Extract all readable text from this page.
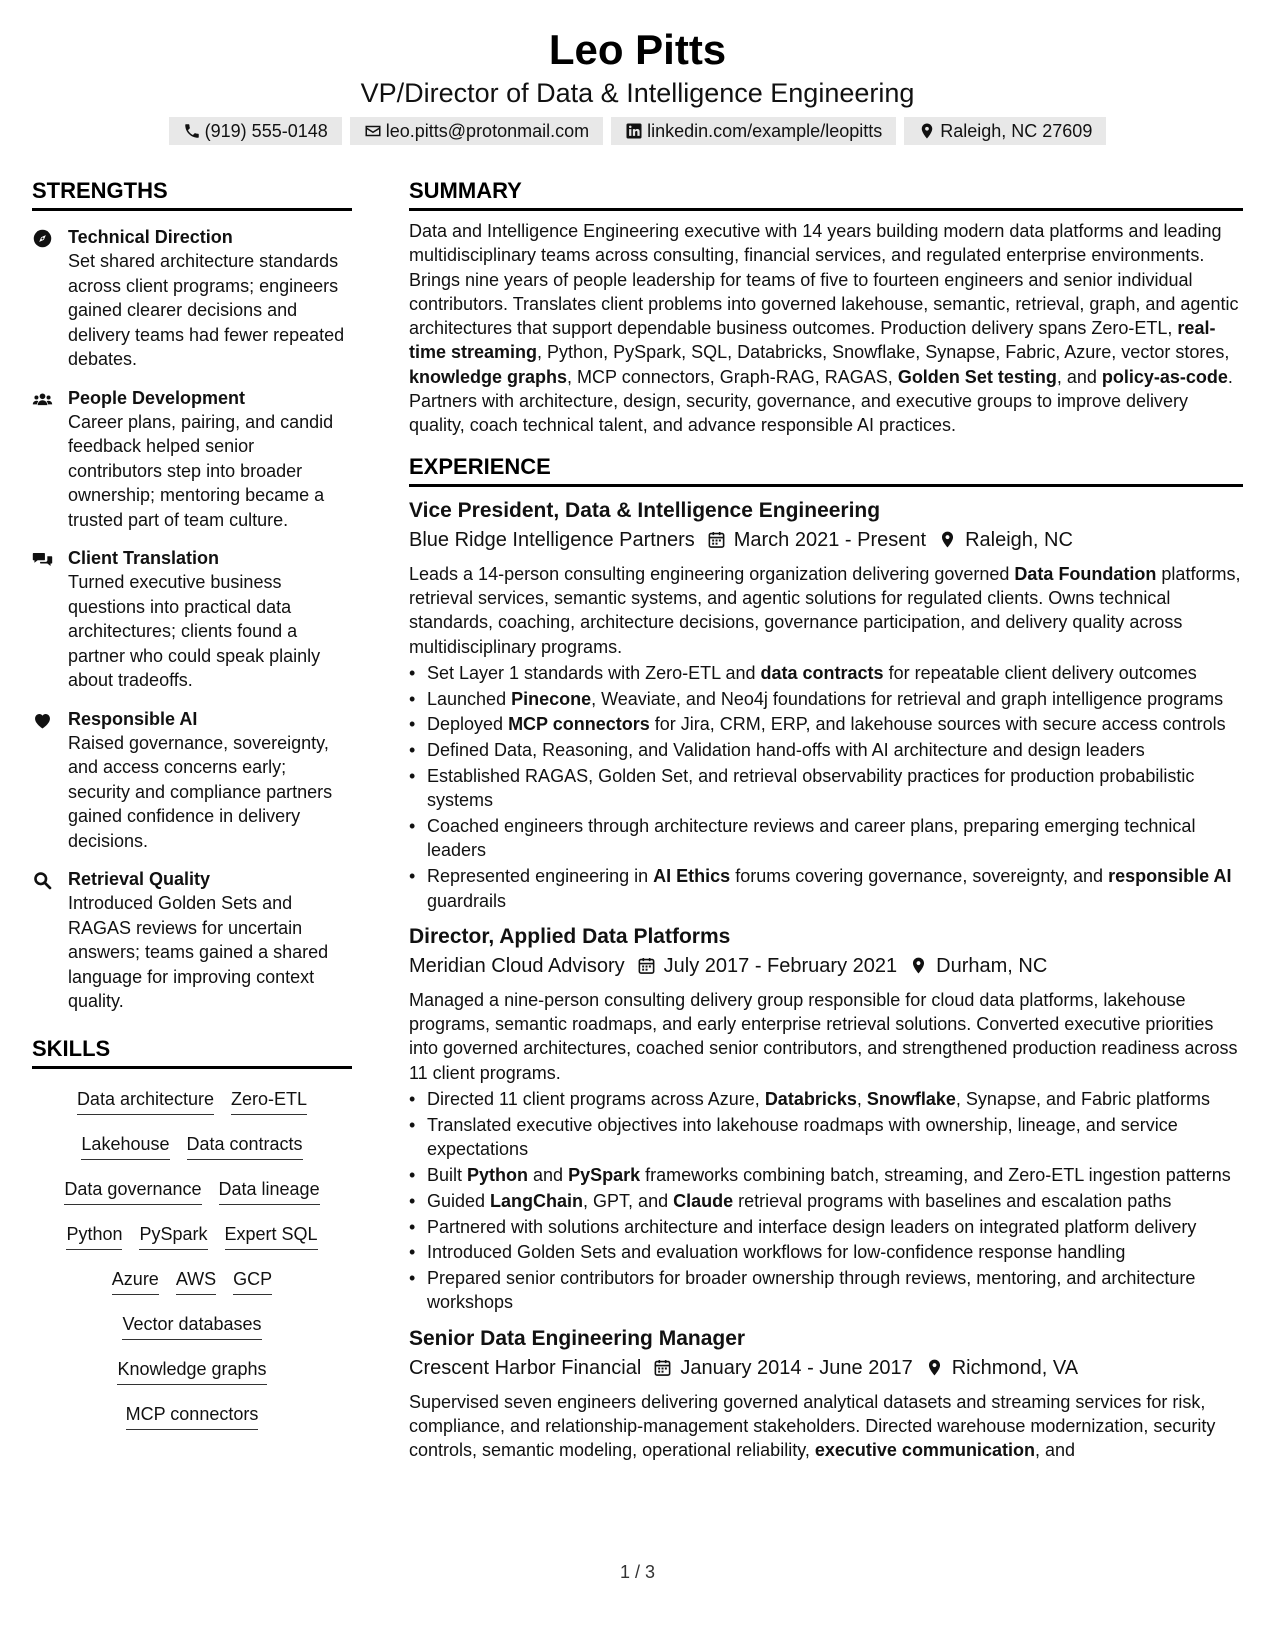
Leo Pitts
VP/Director of Data & Intelligence Engineering
(919) 555-0148	leo.pitts@protonmail.com	linkedin.com/example/leopitts	Raleigh, NC 27609
STRENGTHS
Technical Direction
Set shared architecture standards across client programs; engineers gained clearer decisions and delivery teams had fewer repeated debates.
People Development
Career plans, pairing, and candid feedback helped senior contributors step into broader ownership; mentoring became a trusted part of team culture.
Client Translation
Turned executive business questions into practical data architectures; clients found a partner who could speak plainly about tradeoffs.
Responsible AI
Raised governance, sovereignty, and access concerns early; security and compliance partners gained confidence in delivery decisions.
Retrieval Quality
Introduced Golden Sets and RAGAS reviews for uncertain answers; teams gained a shared language for improving context quality.
SKILLS
Data architecture Zero-ETL
Lakehouse Data contracts
Data governance Data lineage
Python PySpark Expert SQL
Azure AWS GCP
Vector databases
Knowledge graphs
MCP connectors
SUMMARY
Data and Intelligence Engineering executive with 14 years building modern data platforms and leading multidisciplinary teams across consulting, financial services, and regulated enterprise environments. Brings nine years of people leadership for teams of five to fourteen engineers and senior individual contributors. Translates client problems into governed lakehouse, semantic, retrieval, graph, and agentic architectures that support dependable business outcomes. Production delivery spans Zero-ETL, real-time streaming, Python, PySpark, SQL, Databricks, Snowflake, Synapse, Fabric, Azure, vector stores, knowledge graphs, MCP connectors, Graph-RAG, RAGAS, Golden Set testing, and policy-as-code. Partners with architecture, design, security, governance, and executive groups to improve delivery quality, coach technical talent, and advance responsible AI practices.
EXPERIENCE
Vice President, Data & Intelligence Engineering
Blue Ridge Intelligence Partners March 2021 - Present Raleigh, NC
Leads a 14-person consulting engineering organization delivering governed Data Foundation platforms, retrieval services, semantic systems, and agentic solutions for regulated clients. Owns technical standards, coaching, architecture decisions, governance participation, and delivery quality across multidisciplinary programs.
• Set Layer 1 standards with Zero-ETL and data contracts for repeatable client delivery outcomes
• Launched Pinecone, Weaviate, and Neo4j foundations for retrieval and graph intelligence programs
• Deployed MCP connectors for Jira, CRM, ERP, and lakehouse sources with secure access controls
• Defined Data, Reasoning, and Validation hand-offs with AI architecture and design leaders
• Established RAGAS, Golden Set, and retrieval observability practices for production probabilistic systems
• Coached engineers through architecture reviews and career plans, preparing emerging technical leaders
• Represented engineering in AI Ethics forums covering governance, sovereignty, and responsible AI guardrails
Director, Applied Data Platforms
Meridian Cloud Advisory July 2017 - February 2021 Durham, NC
Managed a nine-person consulting delivery group responsible for cloud data platforms, lakehouse programs, semantic roadmaps, and early enterprise retrieval solutions. Converted executive priorities into governed architectures, coached senior contributors, and strengthened production readiness across 11 client programs.
• Directed 11 client programs across Azure, Databricks, Snowflake, Synapse, and Fabric platforms
• Translated executive objectives into lakehouse roadmaps with ownership, lineage, and service expectations
• Built Python and PySpark frameworks combining batch, streaming, and Zero-ETL ingestion patterns
• Guided LangChain, GPT, and Claude retrieval programs with baselines and escalation paths
• Partnered with solutions architecture and interface design leaders on integrated platform delivery
• Introduced Golden Sets and evaluation workflows for low-confidence response handling
• Prepared senior contributors for broader ownership through reviews, mentoring, and architecture workshops
Senior Data Engineering Manager
Crescent Harbor Financial January 2014 - June 2017 Richmond, VA
Supervised seven engineers delivering governed analytical datasets and streaming services for risk, compliance, and relationship-management stakeholders. Directed warehouse modernization, security controls, semantic modeling, operational reliability, executive communication, and
1 / 3
